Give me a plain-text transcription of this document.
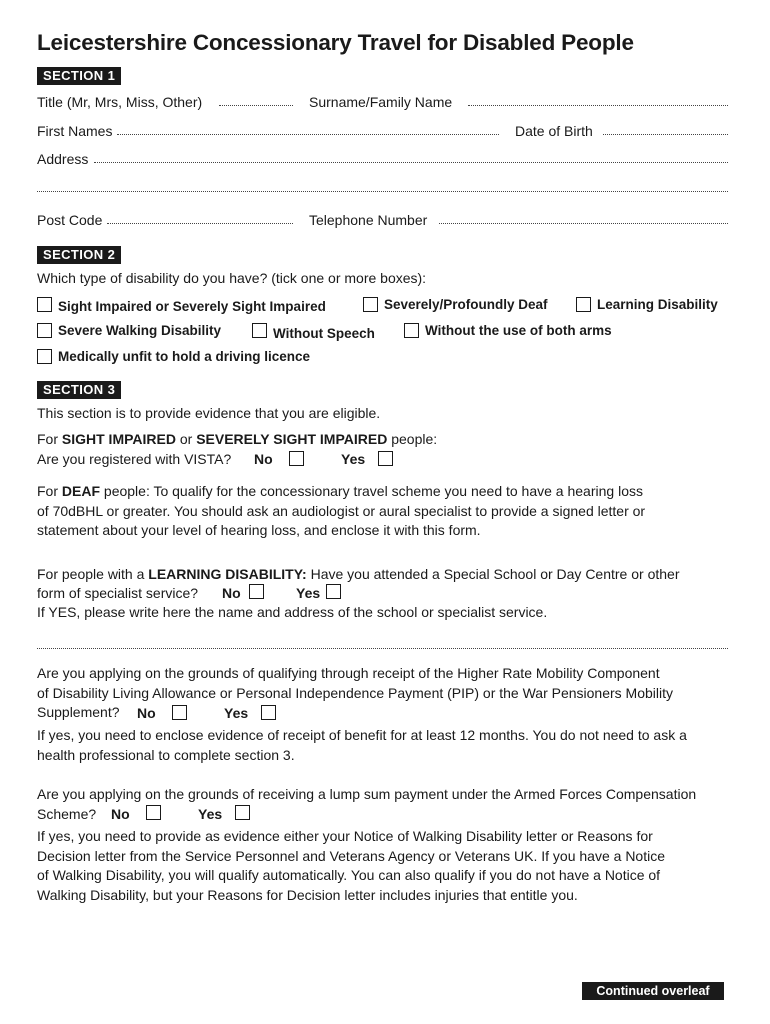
Leicestershire Concessionary Travel for Disabled People
SECTION 1
Title (Mr, Mrs, Miss, Other)	Surname/Family Name
First Names	Date of Birth
Address
Post Code	Telephone Number
SECTION 2
Which type of disability do you have? (tick one or more boxes):
Sight Impaired or Severely Sight Impaired	Severely/Profoundly Deaf	Learning Disability
Severe Walking Disability	Without Speech	Without the use of both arms
Medically unfit to hold a driving licence
SECTION 3
This section is to provide evidence that you are eligible.
For SIGHT IMPAIRED or SEVERELY SIGHT IMPAIRED people:
Are you registered with VISTA? No	Yes
For DEAF people: To qualify for the concessionary travel scheme you need to have a hearing loss
of 70dBHL or greater. You should ask an audiologist or aural specialist to provide a signed letter or
statement about your level of hearing loss, and enclose it with this form.
For people with a LEARNING DISABILITY: Have you attended a Special School or Day Centre or other
form of specialist service? No	Yes
If YES, please write here the name and address of the school or specialist service.
Are you applying on the grounds of qualifying through receipt of the Higher Rate Mobility Component
of Disability Living Allowance or Personal Independence Payment (PIP) or the War Pensioners Mobility
Supplement?	No	Yes
If yes, you need to enclose evidence of receipt of benefit for at least 12 months. You do not need to ask a
health professional to complete section 3.
Are you applying on the grounds of receiving a lump sum payment under the Armed Forces Compensation
Scheme?	No	Yes
If yes, you need to provide as evidence either your Notice of Walking Disability letter or Reasons for
Decision letter from the Service Personnel and Veterans Agency or Veterans UK. If you have a Notice
of Walking Disability, you will qualify automatically. You can also qualify if you do not have a Notice of
Walking Disability, but your Reasons for Decision letter includes injuries that entitle you.
Continued overleaf
